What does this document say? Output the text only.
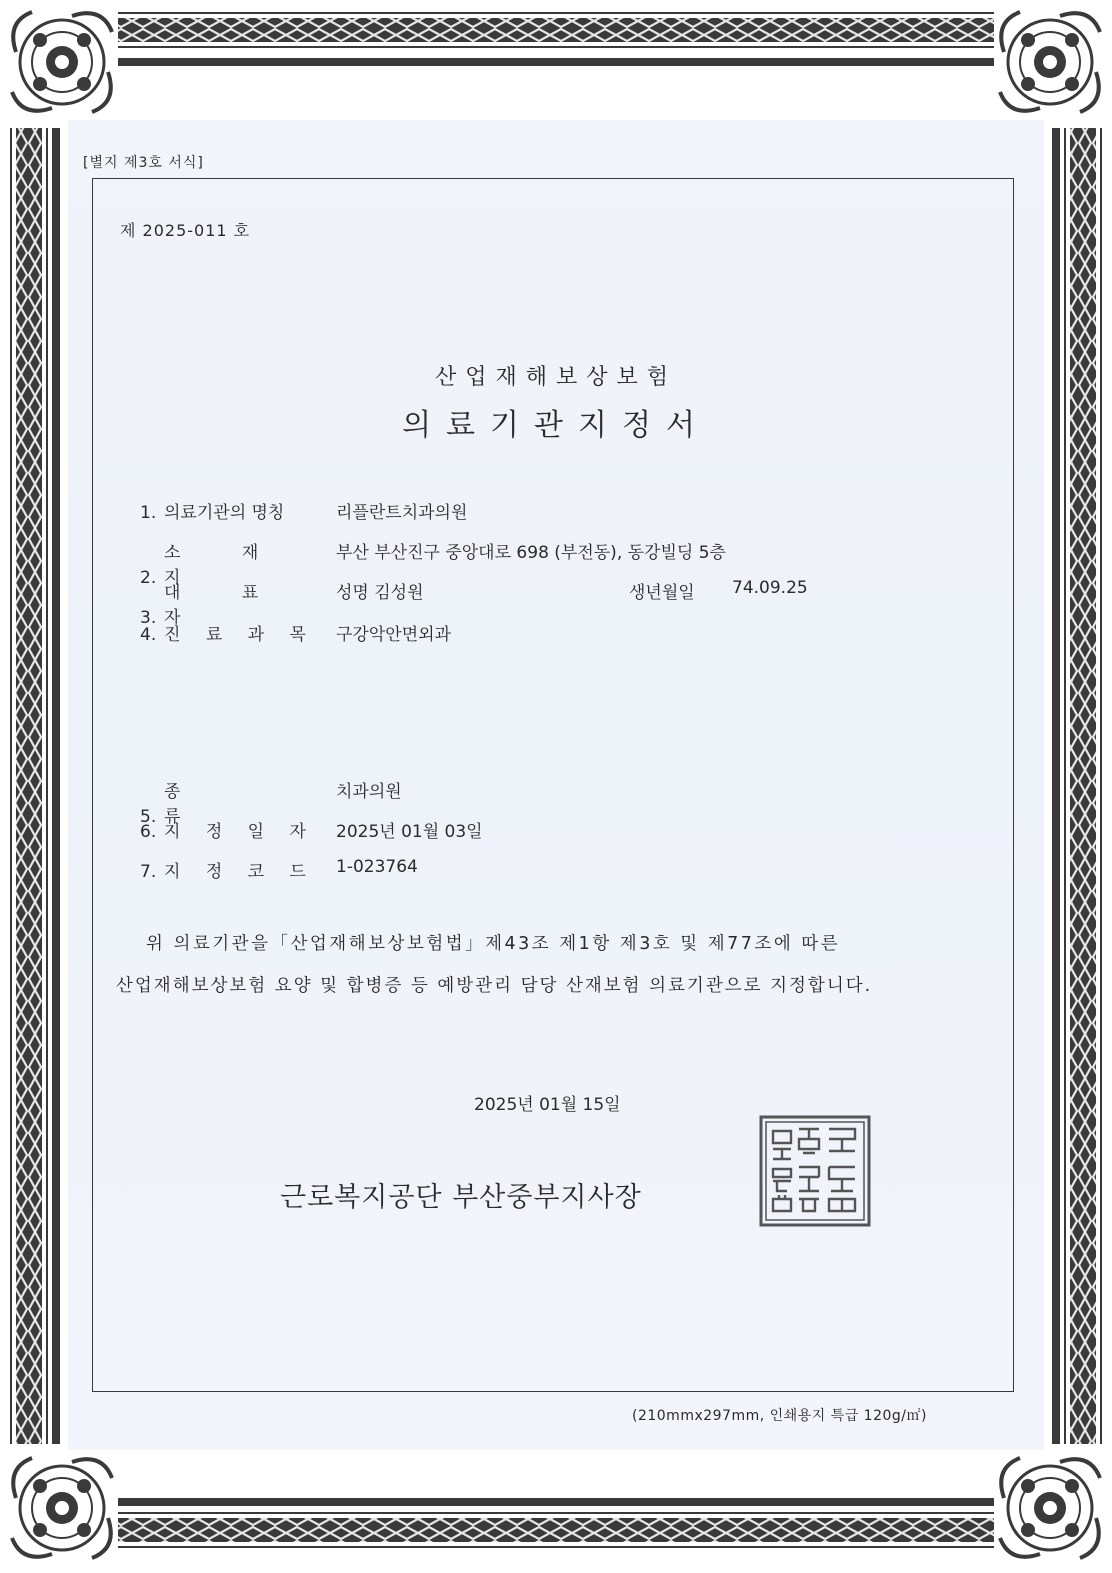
[별지 제3호 서식]
제 2025-011 호
산업재해보상보험
의료기관지정서
1. 의료기관의 명칭	리플란트치과의원
2.소 재 지
부산 부산진구 중앙대로 698 (부전동), 동강빌딩 5층
3.대 표 자
성명 김성원	생년월일 74.09.25
4. 진 료 과 목 구강악안면외과
5.종 류
치과의원
6. 지 정 일 자 2025년 01월 03일
7. 지 정 코 드 1-023764
위 의료기관을「산업재해보상보험법」제43조 제1항 제3호 및 제77조에 따른
산업재해보상보험 요양 및 합병증 등 예방관리 담당 산재보험 의료기관으로 지정합니다.
2025년 01월 15일
근로복지공단 부산중부지사장
(210mmx297mm, 인쇄용지 특급 120g/㎡)
